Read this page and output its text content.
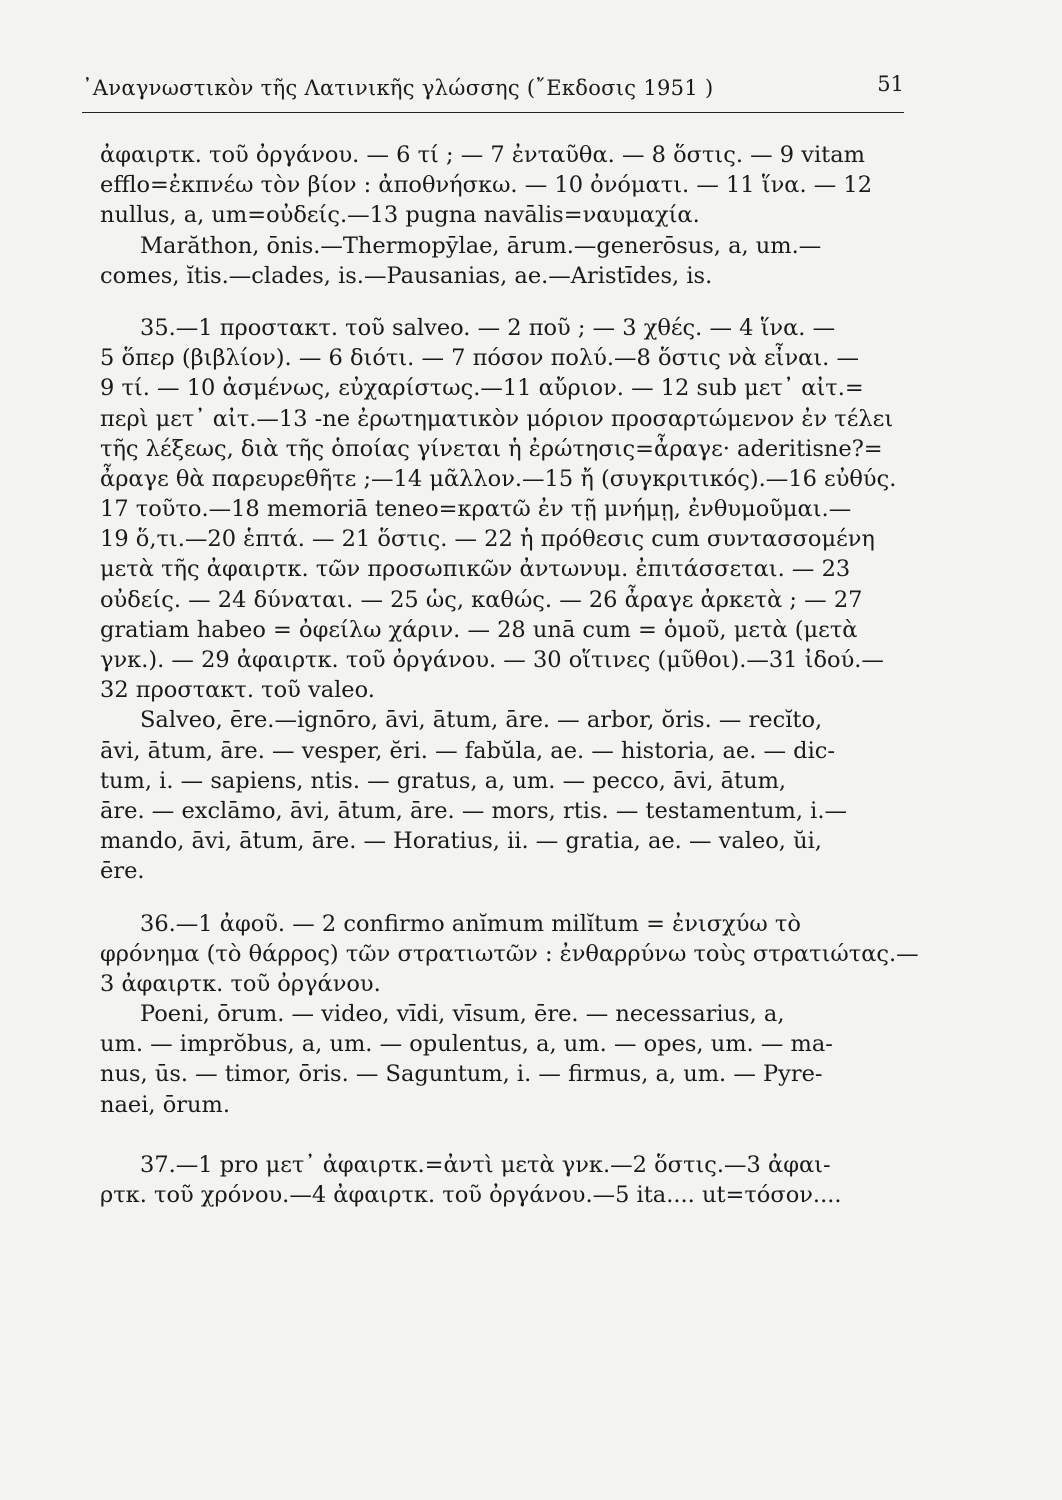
᾿Αναγνωστικὸν τῆς Λατινικῆς γλώσσης (῎Εκδοσις 1951 )	51
ἀφαιρτκ. τοῦ ὀργάνου. — 6 τί ; — 7 ἐνταῦθα. — 8 ὅστις. — 9 vitam
efflo=ἐκπνέω τὸν βίον : ἀποθνήσκω. — 10 ὀνόματι. — 11 ἵνα. — 12
nullus, a, um=οὐδείς.—13 pugna navālis=ναυμαχία.
Marăthon, ōnis.—Thermopȳlae, ārum.—generōsus, a, um.—
comes, ĭtis.—clades, is.—Pausanias, ae.—Aristīdes, is.
35.—1 προστακτ. τοῦ salveo. — 2 ποῦ ; — 3 χθές. — 4 ἵνα. —
5 ὅπερ (βιβλίον). — 6 διότι. — 7 πόσον πολύ.—8 ὅστις νὰ εἶναι. —
9 τί. — 10 ἀσμένως, εὐχαρίστως.—11 αὔριον. — 12 sub μετ᾿ αἰτ.=
περὶ μετ᾿ αἰτ.—13 -ne ἐρωτηματικὸν μόριον προσαρτώμενον ἐν τέλει
τῆς λέξεως, διὰ τῆς ὁποίας γίνεται ἡ ἐρώτησις=ἆραγε· aderitisne?=
ἆραγε θὰ παρευρεθῆτε ;—14 μᾶλλον.—15 ἤ (συγκριτικός).—16 εὐθύς.
17 τοῦτο.—18 memoriā teneo=κρατῶ ἐν τῇ μνήμῃ, ἐνθυμοῦμαι.—
19 ὅ,τι.—20 ἑπτά. — 21 ὅστις. — 22 ἡ πρόθεσις cum συντασσομένη
μετὰ τῆς ἀφαιρτκ. τῶν προσωπικῶν ἀντωνυμ. ἐπιτάσσεται. — 23
οὐδείς. — 24 δύναται. — 25 ὡς, καθώς. — 26 ἆραγε ἀρκετὰ ; — 27
gratiam habeo = ὀφείλω χάριν. — 28 unā cum = ὁμοῦ, μετὰ (μετὰ
γνκ.). — 29 ἀφαιρτκ. τοῦ ὀργάνου. — 30 οἵτινες (μῦθοι).—31 ἰδού.—
32 προστακτ. τοῦ valeo.
Salveo, ēre.—ignōro, āvi, ātum, āre. — arbor, ŏris. — recĭto,
āvi, ātum, āre. — vesper, ĕri. — fabŭla, ae. — historia, ae. — dic-
tum, i. — sapiens, ntis. — gratus, a, um. — pecco, āvi, ātum,
āre. — exclāmo, āvi, ātum, āre. — mors, rtis. — testamentum, i.—
mando, āvi, ātum, āre. — Horatius, ii. — gratia, ae. — valeo, ŭi,
ēre.
36.—1 ἀφοῦ. — 2 confirmo anĭmum milĭtum = ἐνισχύω τὸ
φρόνημα (τὸ θάρρος) τῶν στρατιωτῶν : ἐνθαρρύνω τοὺς στρατιώτας.—
3 ἀφαιρτκ. τοῦ ὀργάνου.
Poeni, ōrum. — video, vīdi, vīsum, ēre. — necessarius, a,
um. — imprŏbus, a, um. — opulentus, a, um. — opes, um. — ma-
nus, ūs. — timor, ōris. — Saguntum, i. — firmus, a, um. — Pyre-
naei, ōrum.
37.—1 pro μετ᾿ ἀφαιρτκ.=ἀντὶ μετὰ γνκ.—2 ὅστις.—3 ἀφαι-
ρτκ. τοῦ χρόνου.—4 ἀφαιρτκ. τοῦ ὀργάνου.—5 ita.... ut=τόσον....
